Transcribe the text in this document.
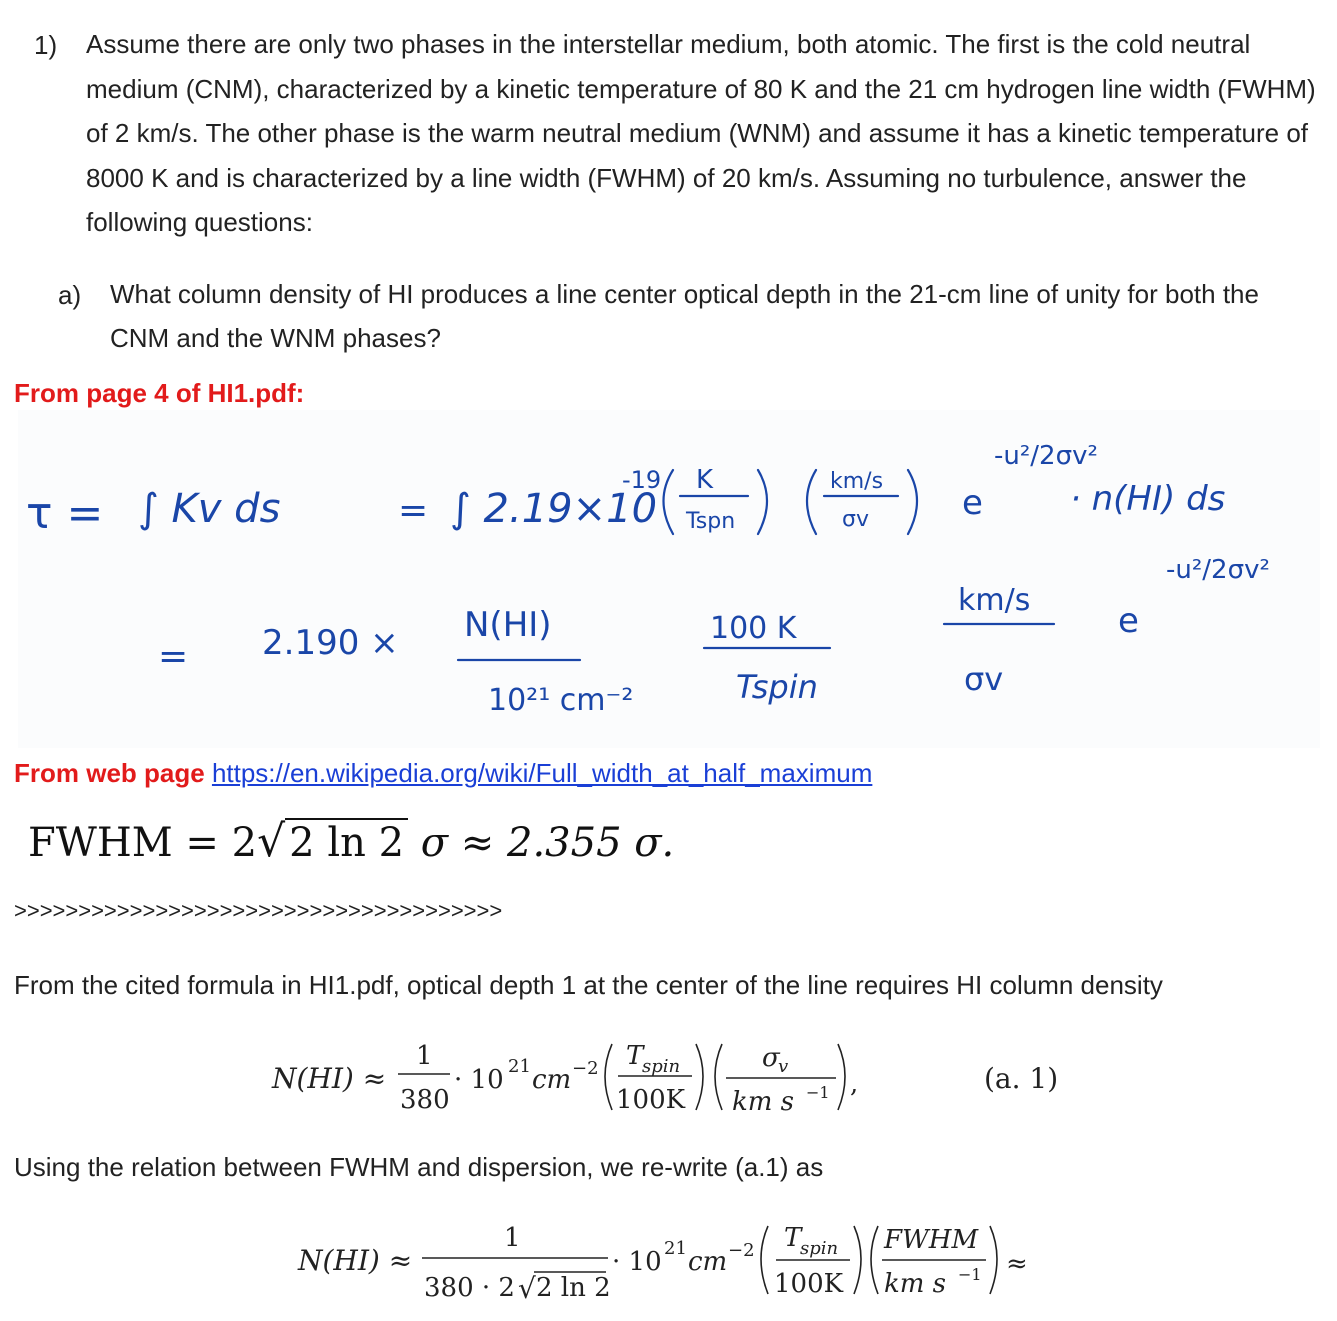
1) Assume there are only two phases in the interstellar medium, both atomic. The first is the cold neutral medium (CNM), characterized by a kinetic temperature of 80 K and the 21 cm hydrogen line width (FWHM) of 2 km/s. The other phase is the warm neutral medium (WNM) and assume it has a kinetic temperature of 8000 K and is characterized by a line width (FWHM) of 20 km/s. Assuming no turbulence, answer the following questions:
a) What column density of HI produces a line center optical depth in the 21-cm line of unity for both the CNM and the WNM phases?
From page 4 of HI1.pdf:
τ = ∫ Kv ds	= ∫ 2.19×10
-19 K
Tspn
km/s
σv	e
-u²/2σv²
· n(HI) ds
= 2.190 × N(HI)
10²¹ cm⁻²
100 K
Tspin
km/s
σv
e
-u²/2σv²
From web page https://en.wikipedia.org/wiki/Full_width_at_half_maximum
FWHM = 2√ 2 ln 2 σ ≈ 2.355 σ.
>>>>>>>>>>>>>>>>>>>>>>>>>>>>>>>>>>>>>>
From the cited formula in HI1.pdf, optical depth 1 at the center of the line requires HI column density
N(HI) ≈
1
380
· 10 21 cm −2 T
spin
100K
σ
v
km s −1 ,	(a. 1)
Using the relation between FWHM and dispersion, we re-write (a.1) as
N(HI) ≈
1
380 · 2 √ 2 ln 2
· 10 21 cm −2 T
spin
100K
FWHM
km s −1 ≈
